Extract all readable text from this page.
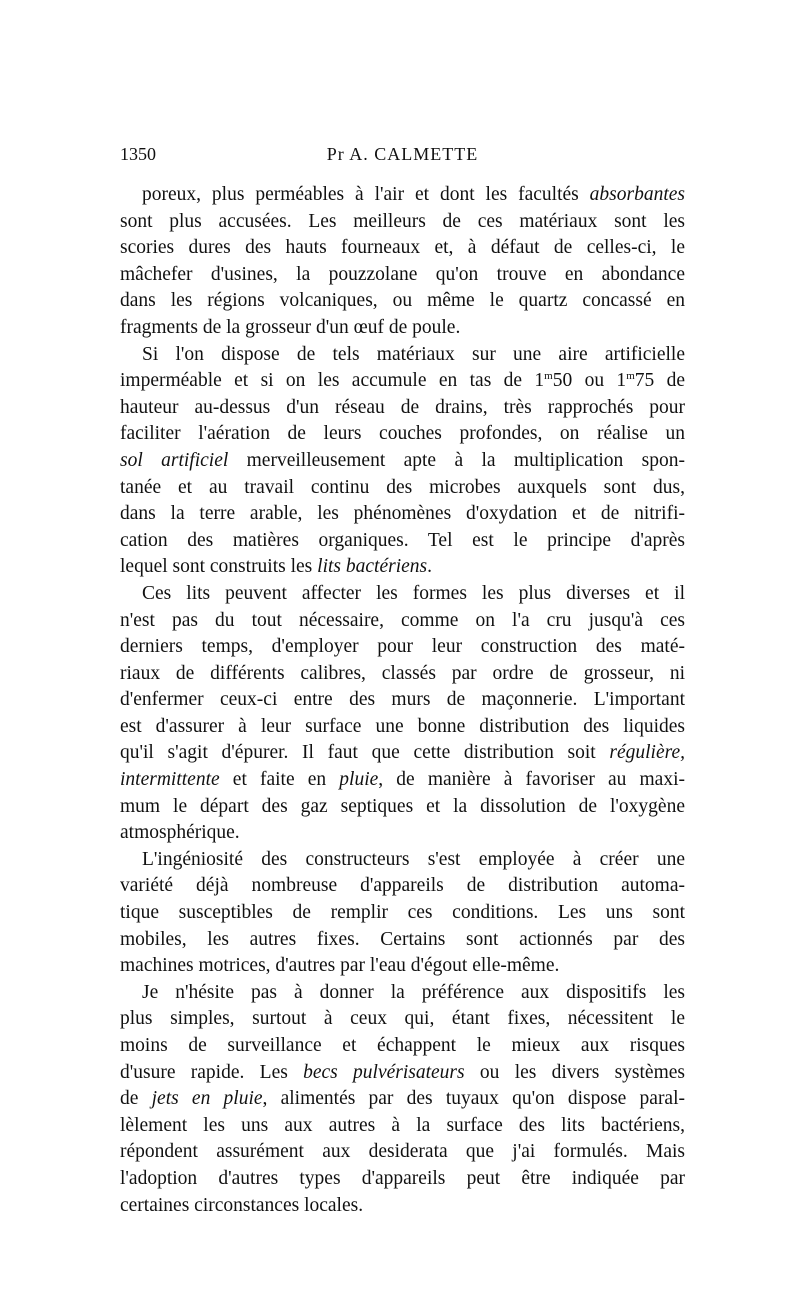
1350	Pr A. CALMETTE
poreux, plus perméables à l'air et dont les facultés absorbantes
sont plus accusées. Les meilleurs de ces matériaux sont les
scories dures des hauts fourneaux et, à défaut de celles-ci, le
mâchefer d'usines, la pouzzolane qu'on trouve en abondance
dans les régions volcaniques, ou même le quartz concassé en
fragments de la grosseur d'un œuf de poule.
Si l'on dispose de tels matériaux sur une aire artificielle
imperméable et si on les accumule en tas de 1$^m$50 ou 1$^m$75 de
hauteur au-dessus d'un réseau de drains, très rapprochés pour
faciliter l'aération de leurs couches profondes, on réalise un
sol artificiel merveilleusement apte à la multiplication spon-
tanée et au travail continu des microbes auxquels sont dus,
dans la terre arable, les phénomènes d'oxydation et de nitrifi-
cation des matières organiques. Tel est le principe d'après
lequel sont construits les lits bactériens.
Ces lits peuvent affecter les formes les plus diverses et il
n'est pas du tout nécessaire, comme on l'a cru jusqu'à ces
derniers temps, d'employer pour leur construction des maté-
riaux de différents calibres, classés par ordre de grosseur, ni
d'enfermer ceux-ci entre des murs de maçonnerie. L'important
est d'assurer à leur surface une bonne distribution des liquides
qu'il s'agit d'épurer. Il faut que cette distribution soit régulière,
intermittente et faite en pluie, de manière à favoriser au maxi-
mum le départ des gaz septiques et la dissolution de l'oxygène
atmosphérique.
L'ingéniosité des constructeurs s'est employée à créer une
variété déjà nombreuse d'appareils de distribution automa-
tique susceptibles de remplir ces conditions. Les uns sont
mobiles, les autres fixes. Certains sont actionnés par des
machines motrices, d'autres par l'eau d'égout elle-même.
Je n'hésite pas à donner la préférence aux dispositifs les
plus simples, surtout à ceux qui, étant fixes, nécessitent le
moins de surveillance et échappent le mieux aux risques
d'usure rapide. Les becs pulvérisateurs ou les divers systèmes
de jets en pluie, alimentés par des tuyaux qu'on dispose paral-
lèlement les uns aux autres à la surface des lits bactériens,
répondent assurément aux desiderata que j'ai formulés. Mais
l'adoption d'autres types d'appareils peut être indiquée par
certaines circonstances locales.
